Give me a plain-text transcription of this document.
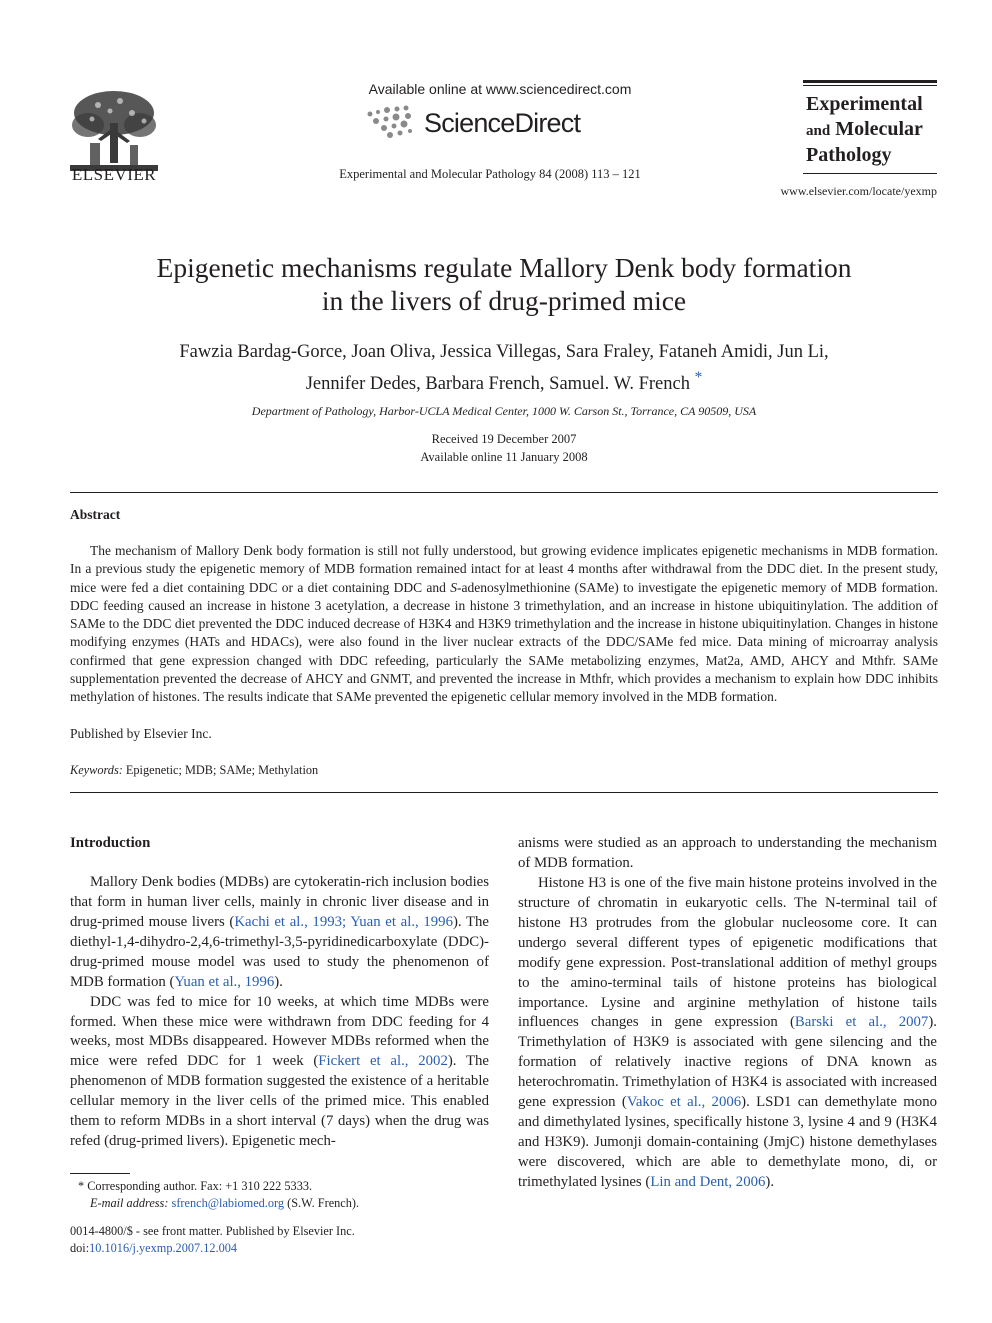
ELSEVIER
Available online at www.sciencedirect.com
ScienceDirect
Experimental and Molecular Pathology 84 (2008) 113 – 121
Experimental
and Molecular
Pathology
www.elsevier.com/locate/yexmp
Epigenetic mechanisms regulate Mallory Denk body formation
in the livers of drug-primed mice
Fawzia Bardag-Gorce, Joan Oliva, Jessica Villegas, Sara Fraley, Fataneh Amidi, Jun Li,
Jennifer Dedes, Barbara French, Samuel. W. French *
Department of Pathology, Harbor-UCLA Medical Center, 1000 W. Carson St., Torrance, CA 90509, USA
Received 19 December 2007
Available online 11 January 2008
Abstract
The mechanism of Mallory Denk body formation is still not fully understood, but growing evidence implicates epigenetic mechanisms in MDB formation. In a previous study the epigenetic memory of MDB formation remained intact for at least 4 months after withdrawal from the DDC diet. In the present study, mice were fed a diet containing DDC or a diet containing DDC and S-adenosylmethionine (SAMe) to investigate the epigenetic memory of MDB formation. DDC feeding caused an increase in histone 3 acetylation, a decrease in histone 3 trimethylation, and an increase in histone ubiquitinylation. The addition of SAMe to the DDC diet prevented the DDC induced decrease of H3K4 and H3K9 trimethylation and the increase in histone ubiquitinylation. Changes in histone modifying enzymes (HATs and HDACs), were also found in the liver nuclear extracts of the DDC/SAMe fed mice. Data mining of microarray analysis confirmed that gene expression changed with DDC refeeding, particularly the SAMe metabolizing enzymes, Mat2a, AMD, AHCY and Mthfr. SAMe supplementation prevented the decrease of AHCY and GNMT, and prevented the increase in Mthfr, which provides a mechanism to explain how DDC inhibits methylation of histones. The results indicate that SAMe prevented the epigenetic cellular memory involved in the MDB formation.
Published by Elsevier Inc.
Keywords: Epigenetic; MDB; SAMe; Methylation
Introduction

Mallory Denk bodies (MDBs) are cytokeratin-rich inclusion bodies that form in human liver cells, mainly in chronic liver disease and in drug-primed mouse livers (Kachi et al., 1993; Yuan et al., 1996). The diethyl-1,4-dihydro-2,4,6-trimethyl-3,5-pyridinedicarboxylate (DDC)-drug-primed mouse model was used to study the phenomenon of MDB formation (Yuan et al., 1996).

DDC was fed to mice for 10 weeks, at which time MDBs were formed. When these mice were withdrawn from DDC feeding for 4 weeks, most MDBs disappeared. However MDBs reformed when the mice were refed DDC for 1 week (Fickert et al., 2002). The phenomenon of MDB formation suggested the existence of a heritable cellular memory in the liver cells of the primed mice. This enabled them to reform MDBs in a short interval (7 days) when the drug was refed (drug-primed livers). Epigenetic mech-

anisms were studied as an approach to understanding the mechanism of MDB formation.

Histone H3 is one of the five main histone proteins involved in the structure of chromatin in eukaryotic cells. The N-terminal tail of histone H3 protrudes from the globular nucleosome core. It can undergo several different types of epigenetic modifications that modify gene expression. Post-translational addition of methyl groups to the amino-terminal tails of histone proteins has biological importance. Lysine and arginine methylation of histone tails influences changes in gene expression (Barski et al., 2007). Trimethylation of H3K9 is associated with gene silencing and the formation of relatively inactive regions of DNA known as heterochromatin. Trimethylation of H3K4 is associated with increased gene expression (Vakoc et al., 2006). LSD1 can demethylate mono and dimethylated lysines, specifically histone 3, lysine 4 and 9 (H3K4 and H3K9). Jumonji domain-containing (JmjC) histone demethylases were discovered, which are able to demethylate mono, di, or trimethylated lysines (Lin and Dent, 2006).

* Corresponding author. Fax: +1 310 222 5333.
E-mail address: sfrench@labiomed.org (S.W. French).
0014-4800/$ - see front matter. Published by Elsevier Inc.
doi:10.1016/j.yexmp.2007.12.004
